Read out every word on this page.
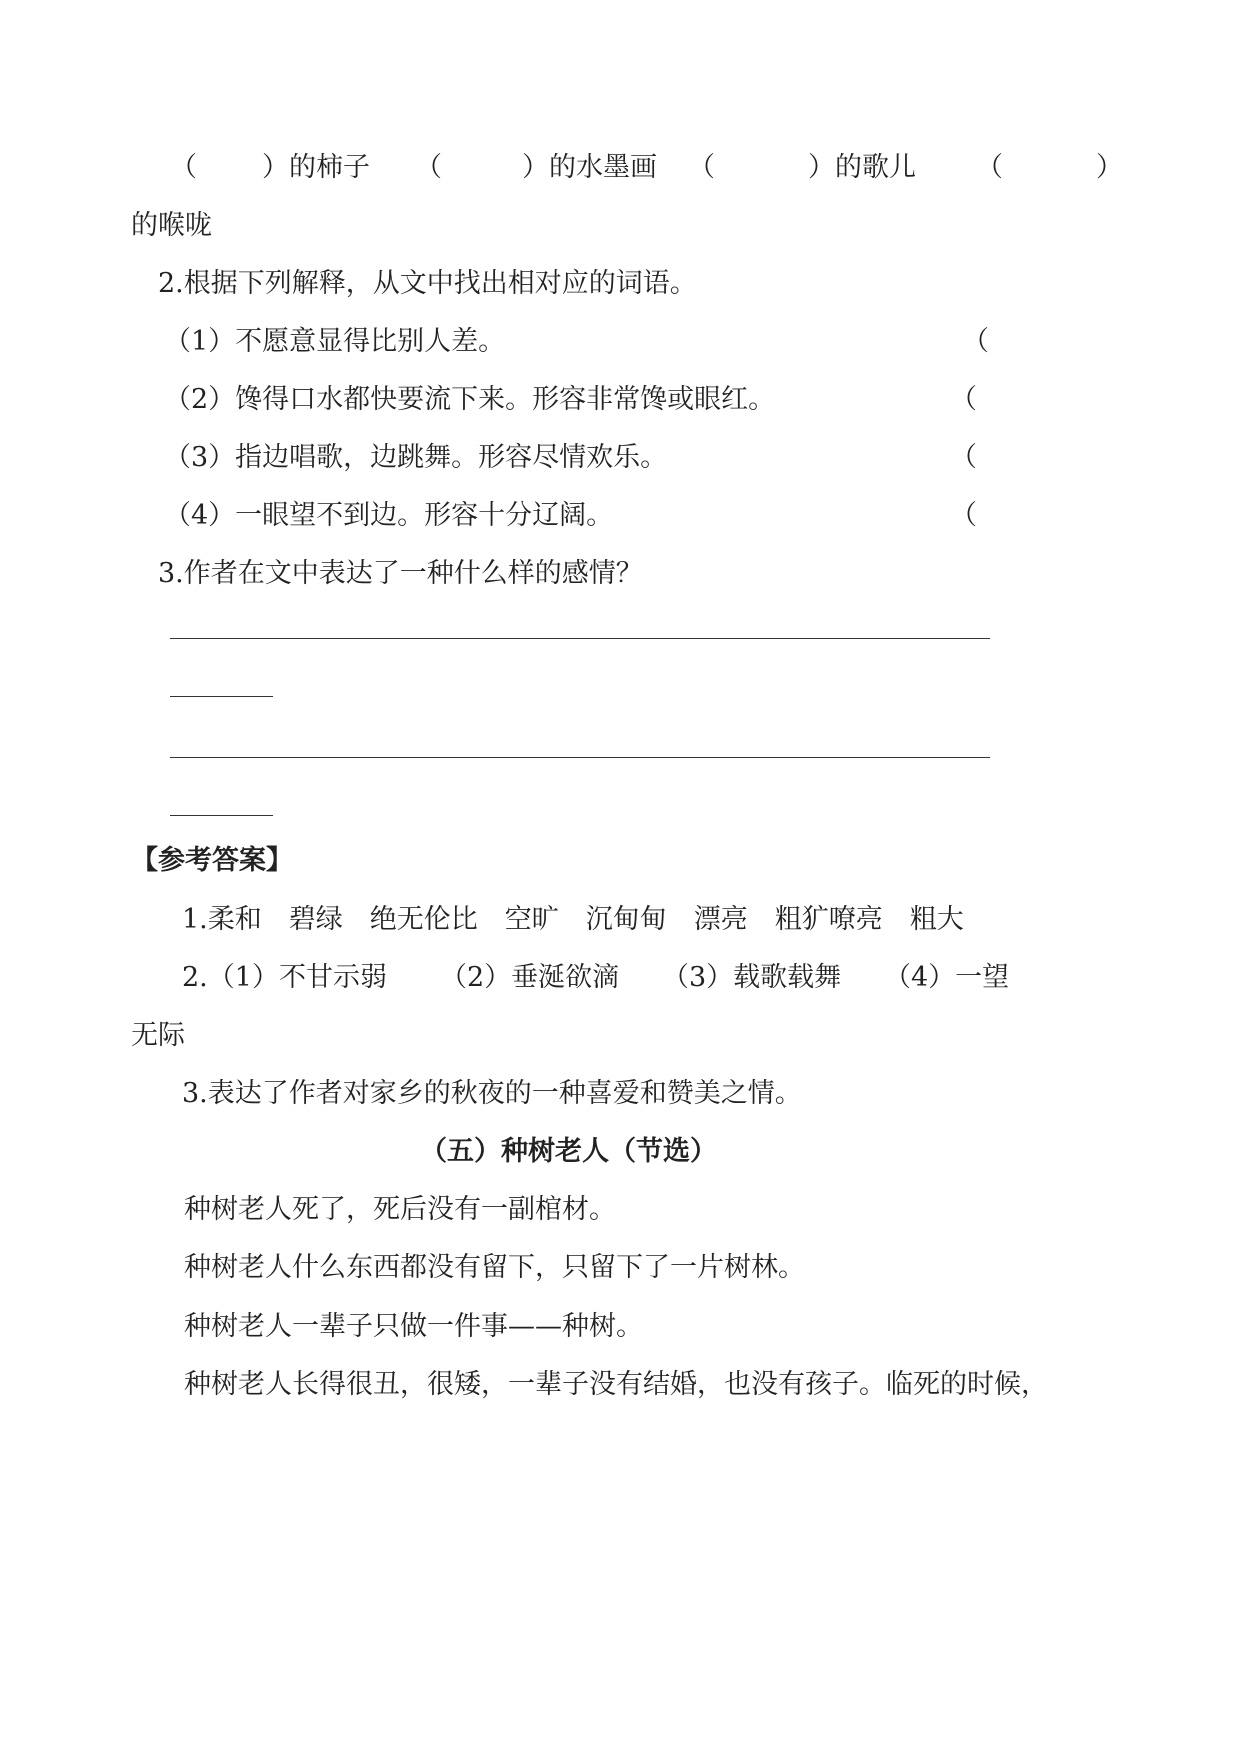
（ ） 的柿子 （	） 的水墨画 （	） 的歌儿 （	）
的喉咙
2.根据下列解释，从文中找出相对应的词语。
（1）不愿意显得比别人差。	（
（2）馋得口水都快要流下来。形容非常馋或眼红。	（
（3）指边唱歌，边跳舞。形容尽情欢乐。	（
（4）一眼望不到边。形容十分辽阔。	（
3.作者在文中表达了一种什么样的感情？
【参考答案】
1.柔和　碧绿　绝无伦比　空旷　沉甸甸　漂亮　粗犷嘹亮　粗大
2.（1）不甘示弱 （2）垂涎欲滴 （3）载歌载舞 （4）一望
无际
3.表达了作者对家乡的秋夜的一种喜爱和赞美之情。
（五）种树老人（节选）
种树老人死了，死后没有一副棺材。
种树老人什么东西都没有留下，只留下了一片树林。
种树老人一辈子只做一件事——种树。
种树老人长得很丑，很矮，一辈子没有结婚，也没有孩子。临死的时候，
